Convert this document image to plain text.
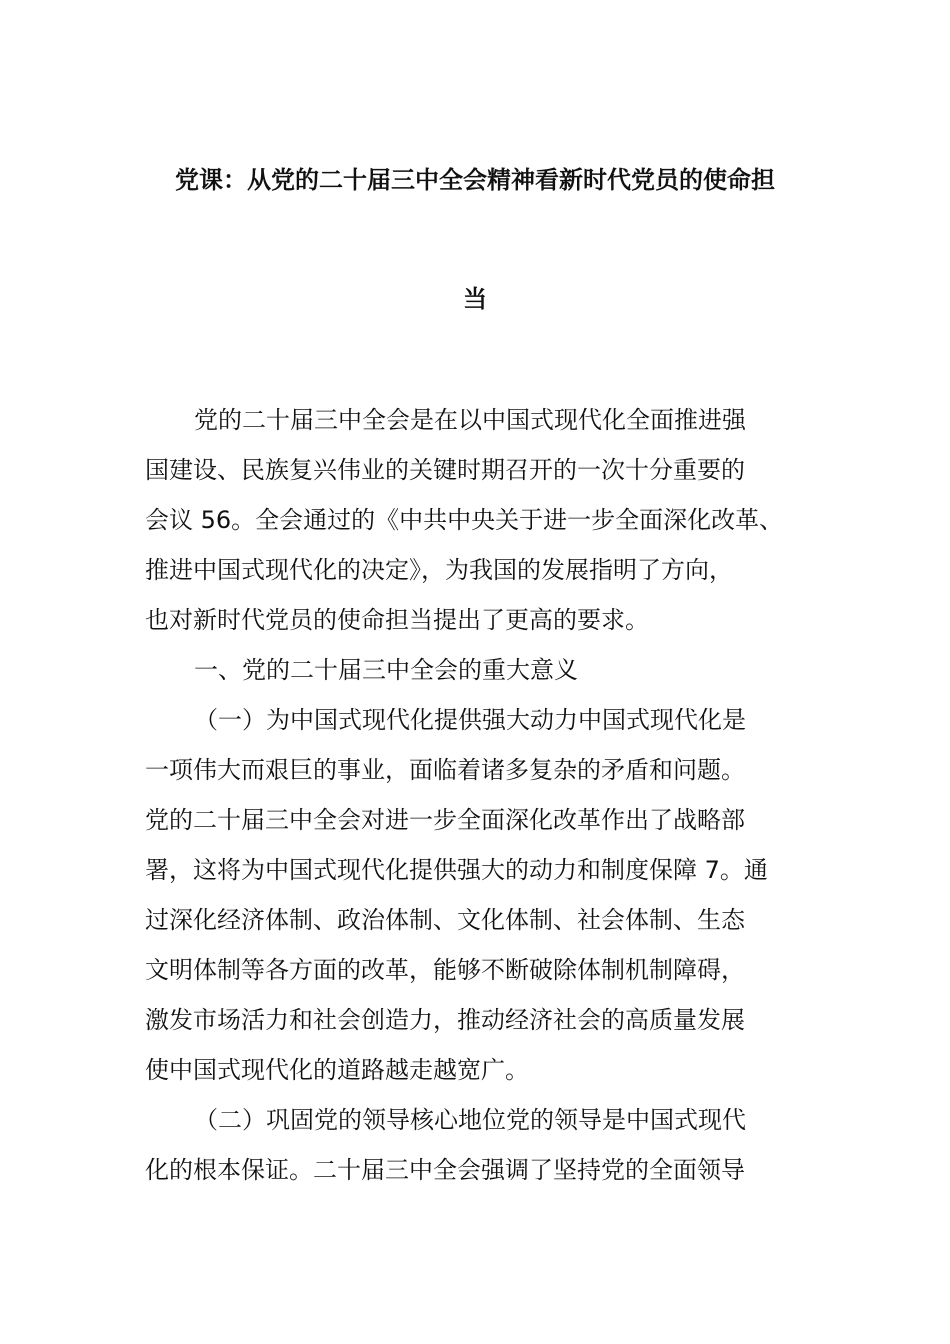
党课：从党的二十届三中全会精神看新时代党员的使命担
当
党的二十届三中全会是在以中国式现代化全面推进强
国建设、民族复兴伟业的关键时期召开的一次十分重要的
会议 56。全会通过的《中共中央关于进一步全面深化改革、
推进中国式现代化的决定》，为我国的发展指明了方向，
也对新时代党员的使命担当提出了更高的要求。
一、党的二十届三中全会的重大意义
（一）为中国式现代化提供强大动力中国式现代化是
一项伟大而艰巨的事业，面临着诸多复杂的矛盾和问题。
党的二十届三中全会对进一步全面深化改革作出了战略部
署，这将为中国式现代化提供强大的动力和制度保障 7。通
过深化经济体制、政治体制、文化体制、社会体制、生态
文明体制等各方面的改革，能够不断破除体制机制障碍，
激发市场活力和社会创造力，推动经济社会的高质量发展
使中国式现代化的道路越走越宽广。
（二）巩固党的领导核心地位党的领导是中国式现代
化的根本保证。二十届三中全会强调了坚持党的全面领导
